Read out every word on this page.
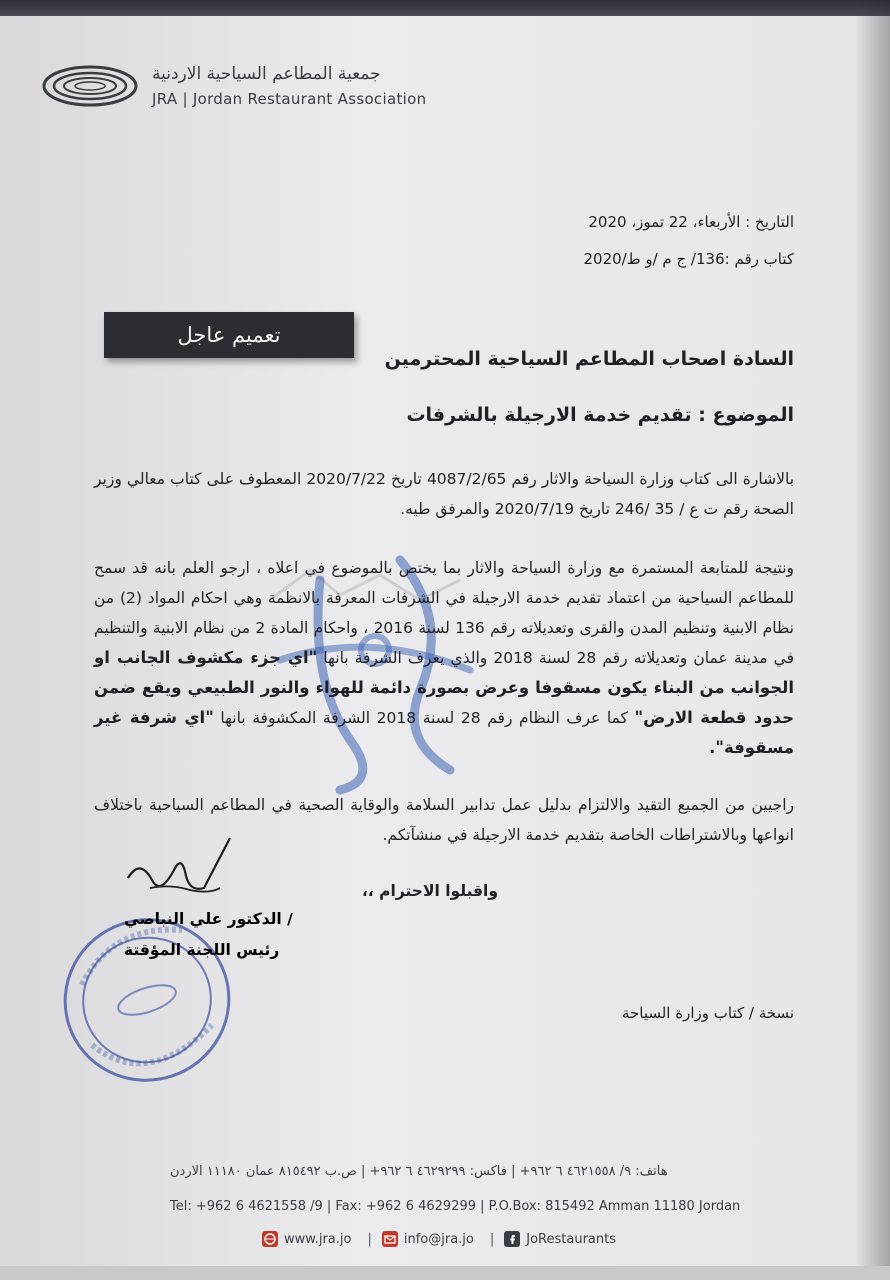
جمعية المطاعم السياحية الاردنية
JRA | Jordan Restaurant Association
التاريخ : الأربعاء، 22 تموز، 2020
كتاب رقم :136/ ج م /و ط/2020
تعميم عاجل
السادة اصحاب المطاعم السياحية المحترمين
الموضوع : تقديم خدمة الارجيلة بالشرفات
بالاشارة الى كتاب وزارة السياحة والاثار رقم 4087/2/65 تاريخ 2020/7/22 المعطوف على كتاب معالي وزير الصحة رقم ت ع / 35 /246 تاريخ 2020/7/19 والمرفق طيه.
ونتيجة للمتابعة المستمرة مع وزارة السياحة والاثار بما يختص بالموضوع في اعلاه ، ارجو العلم بانه قد سمح للمطاعم السياحية من اعتماد تقديم خدمة الارجيلة في الشرفات المعرفة بالانظمة وهي احكام المواد (2) من نظام الابنية وتنظيم المدن والقرى وتعديلاته رقم 136 لسنة 2016 ، واحكام المادة 2 من نظام الابنية والتنظيم في مدينة عمان وتعديلاته رقم 28 لسنة 2018 والذي يعرف الشرفة بانها "اي جزء مكشوف الجانب او الجوانب من البناء يكون مسقوفا وعرض بصورة دائمة للهواء والنور الطبيعي ويقع ضمن حدود قطعة الارض" كما عرف النظام رقم 28 لسنة 2018 الشرفة المكشوفة بانها "اي شرفة غير مسقوفة".
راجيين من الجميع التقيد والالتزام بدليل عمل تدابير السلامة والوقاية الصحية في المطاعم السياحية باختلاف انواعها وبالاشتراطات الخاصة بتقديم خدمة الارجيلة في منشآتكم.
واقبلوا الاحترام ،،
/ الدكتور علي النباصي
رئيس اللجنة المؤقتة
نسخة / كتاب وزارة السياحة
هاتف: ٩/ ٤٦٢١٥٥٨ ٦ ٩٦٢+ | فاكس: ٤٦٢٩٢٩٩ ٦ ٩٦٢+ | ص.ب ٨١٥٤٩٢ عمان ١١١٨٠ الاردن
Tel: +962 6 4621558 /9 | Fax: +962 6 4629299 | P.O.Box: 815492 Amman 11180 Jordan
www.jra.jo | info@jra.jo | JoRestaurants
